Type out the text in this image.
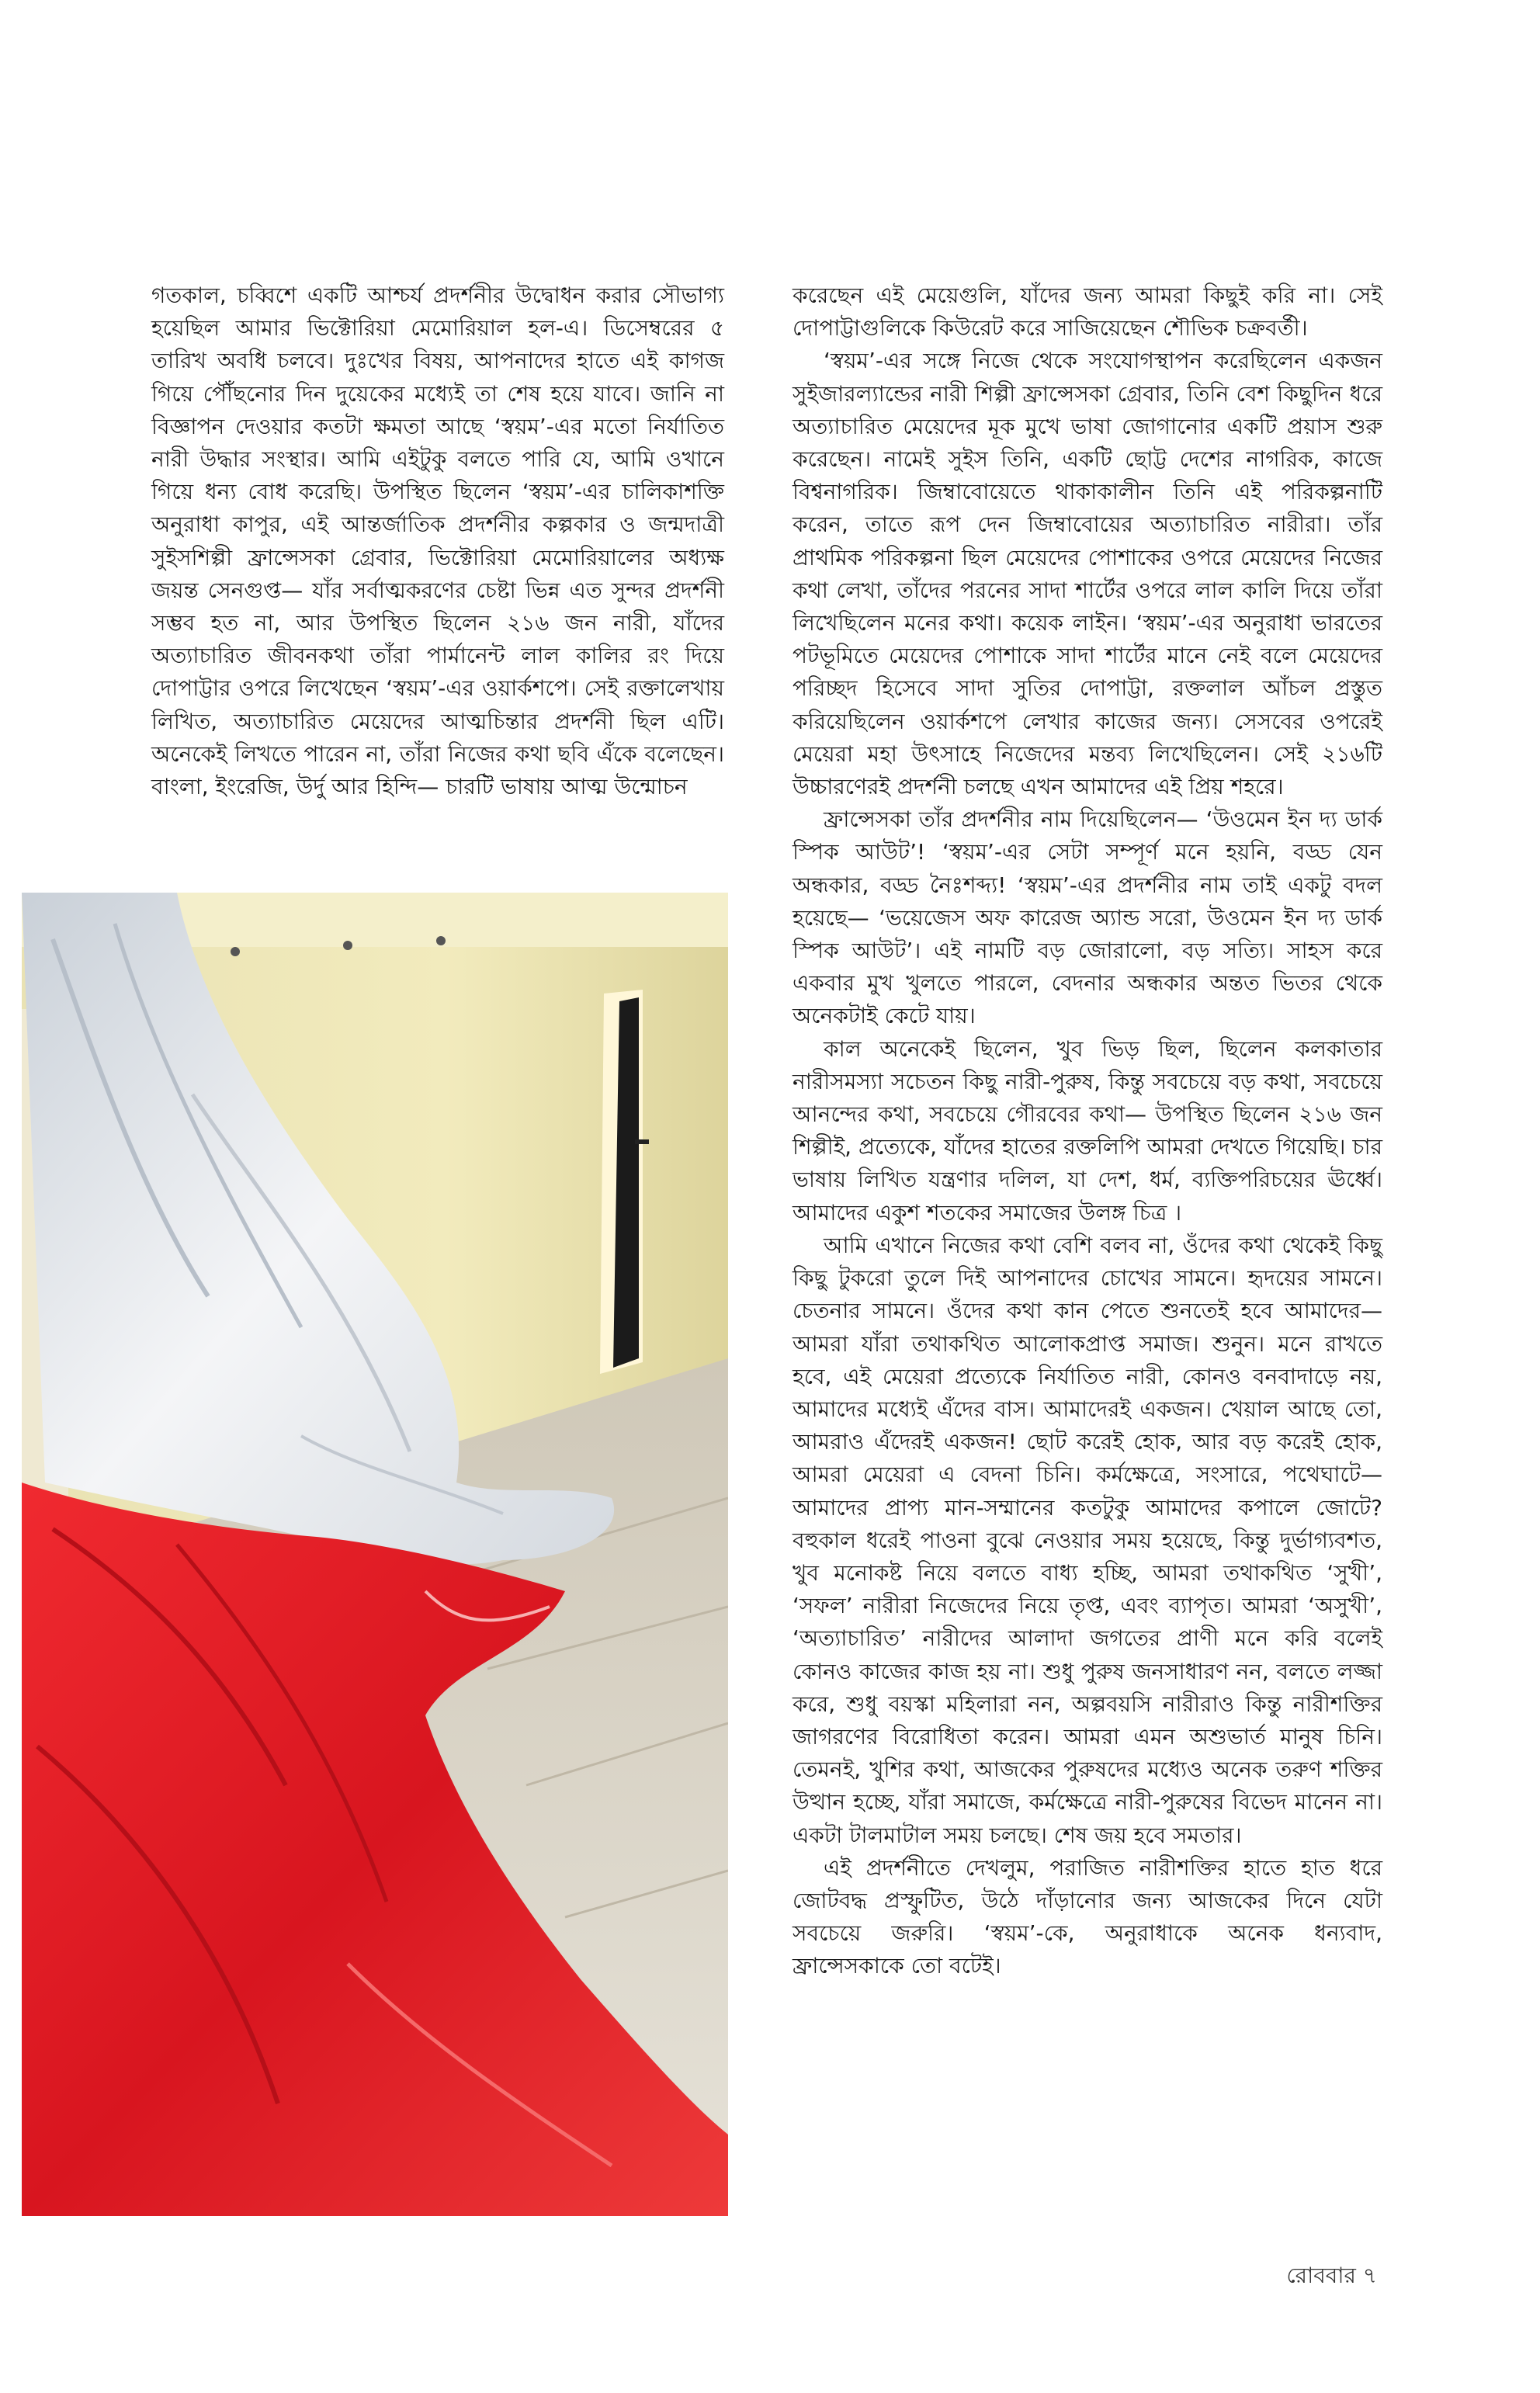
গতকাল, চব্বিশে একটি আশ্চর্য প্রদর্শনীর উদ্বোধন করার সৌভাগ্য হয়েছিল আমার ভিক্টোরিয়া মেমোরিয়াল হল-এ। ডিসেম্বরের ৫ তারিখ অবধি চলবে। দুঃখের বিষয়, আপনাদের হাতে এই কাগজ গিয়ে পৌঁছনোর দিন দুয়েকের মধ্যেই তা শেষ হয়ে যাবে। জানি না বিজ্ঞাপন দেওয়ার কতটা ক্ষমতা আছে ‘স্বয়ম’-এর মতো নির্যাতিত নারী উদ্ধার সংস্থার। আমি এইটুকু বলতে পারি যে, আমি ওখানে গিয়ে ধন্য বোধ করেছি। উপস্থিত ছিলেন ‘স্বয়ম’-এর চালিকাশক্তি অনুরাধা কাপুর, এই আন্তর্জাতিক প্রদর্শনীর কল্পকার ও জন্মদাত্রী সুইসশিল্পী ফ্রান্সেসকা গ্রেবার, ভিক্টোরিয়া মেমোরিয়ালের অধ্যক্ষ জয়ন্ত সেনগুপ্ত— যাঁর সর্বাত্মকরণের চেষ্টা ভিন্ন এত সুন্দর প্রদর্শনী সম্ভব হত না, আর উপস্থিত ছিলেন ২১৬ জন নারী, যাঁদের অত্যাচারিত জীবনকথা তাঁরা পার্মানেন্ট লাল কালির রং দিয়ে দোপাট্টার ওপরে লিখেছেন ‘স্বয়ম’-এর ওয়ার্কশপে। সেই রক্তালেখায় লিখিত, অত্যাচারিত মেয়েদের আত্মচিন্তার প্রদর্শনী ছিল এটি। অনেকেই লিখতে পারেন না, তাঁরা নিজের কথা ছবি এঁকে বলেছেন। বাংলা, ইংরেজি, উর্দু আর হিন্দি— চারটি ভাষায় আত্ম উন্মোচন

করেছেন এই মেয়েগুলি, যাঁদের জন্য আমরা কিছুই করি না। সেই দোপাট্টাগুলিকে কিউরেট করে সাজিয়েছেন শৌভিক চক্রবর্তী।

‘স্বয়ম’-এর সঙ্গে নিজে থেকে সংযোগস্থাপন করেছিলেন একজন সুইজারল্যান্ডের নারী শিল্পী ফ্রান্সেসকা গ্রেবার, তিনি বেশ কিছুদিন ধরে অত্যাচারিত মেয়েদের মূক মুখে ভাষা জোগানোর একটি প্রয়াস শুরু করেছেন। নামেই সুইস তিনি, একটি ছোট্ট দেশের নাগরিক, কাজে বিশ্বনাগরিক। জিম্বাবোয়েতে থাকাকালীন তিনি এই পরিকল্পনাটি করেন, তাতে রূপ দেন জিম্বাবোয়ের অত্যাচারিত নারীরা। তাঁর প্রাথমিক পরিকল্পনা ছিল মেয়েদের পোশাকের ওপরে মেয়েদের নিজের কথা লেখা, তাঁদের পরনের সাদা শার্টের ওপরে লাল কালি দিয়ে তাঁরা লিখেছিলেন মনের কথা। কয়েক লাইন। ‘স্বয়ম’-এর অনুরাধা ভারতের পটভূমিতে মেয়েদের পোশাকে সাদা শার্টের মানে নেই বলে মেয়েদের পরিচ্ছদ হিসেবে সাদা সুতির দোপাট্টা, রক্তলাল আঁচল প্রস্তুত করিয়েছিলেন ওয়ার্কশপে লেখার কাজের জন্য। সেসবের ওপরেই মেয়েরা মহা উৎসাহে নিজেদের মন্তব্য লিখেছিলেন। সেই ২১৬টি উচ্চারণেরই প্রদর্শনী চলছে এখন আমাদের এই প্রিয় শহরে।

ফ্রান্সেসকা তাঁর প্রদর্শনীর নাম দিয়েছিলেন— ‘উওমেন ইন দ্য ডার্ক স্পিক আউট’! ‘স্বয়ম’-এর সেটা সম্পূর্ণ মনে হয়নি, বড্ড যেন অন্ধকার, বড্ড নৈঃশব্দ্য! ‘স্বয়ম’-এর প্রদর্শনীর নাম তাই একটু বদল হয়েছে— ‘ভয়েজেস অফ কারেজ অ্যান্ড সরো, উওমেন ইন দ্য ডার্ক স্পিক আউট’। এই নামটি বড় জোরালো, বড় সত্যি। সাহস করে একবার মুখ খুলতে পারলে, বেদনার অন্ধকার অন্তত ভিতর থেকে অনেকটাই কেটে যায়।

কাল অনেকেই ছিলেন, খুব ভিড় ছিল, ছিলেন কলকাতার নারীসমস্যা সচেতন কিছু নারী-পুরুষ, কিন্তু সবচেয়ে বড় কথা, সবচেয়ে আনন্দের কথা, সবচেয়ে গৌরবের কথা— উপস্থিত ছিলেন ২১৬ জন শিল্পীই, প্রত্যেকে, যাঁদের হাতের রক্তলিপি আমরা দেখতে গিয়েছি। চার ভাষায় লিখিত যন্ত্রণার দলিল, যা দেশ, ধর্ম, ব্যক্তিপরিচয়ের ঊর্ধ্বে। আমাদের একুশ শতকের সমাজের উলঙ্গ চিত্র ।

আমি এখানে নিজের কথা বেশি বলব না, ওঁদের কথা থেকেই কিছু কিছু টুকরো তুলে দিই আপনাদের চোখের সামনে। হৃদয়ের সামনে। চেতনার সামনে। ওঁদের কথা কান পেতে শুনতেই হবে আমাদের— আমরা যাঁরা তথাকথিত আলোকপ্রাপ্ত সমাজ। শুনুন। মনে রাখতে হবে, এই মেয়েরা প্রত্যেকে নির্যাতিত নারী, কোনও বনবাদাড়ে নয়, আমাদের মধ্যেই এঁদের বাস। আমাদেরই একজন। খেয়াল আছে তো, আমরাও এঁদেরই একজন! ছোট করেই হোক, আর বড় করেই হোক, আমরা মেয়েরা এ বেদনা চিনি। কর্মক্ষেত্রে, সংসারে, পথেঘাটে— আমাদের প্রাপ্য মান-সম্মানের কতটুকু আমাদের কপালে জোটে? বহুকাল ধরেই পাওনা বুঝে নেওয়ার সময় হয়েছে, কিন্তু দুর্ভাগ্যবশত, খুব মনোকষ্ট নিয়ে বলতে বাধ্য হচ্ছি, আমরা তথাকথিত ‘সুখী’, ‘সফল’ নারীরা নিজেদের নিয়ে তৃপ্ত, এবং ব্যাপৃত। আমরা ‘অসুখী’, ‘অত্যাচারিত’ নারীদের আলাদা জগতের প্রাণী মনে করি বলেই কোনও কাজের কাজ হয় না। শুধু পুরুষ জনসাধারণ নন, বলতে লজ্জা করে, শুধু বয়স্কা মহিলারা নন, অল্পবয়সি নারীরাও কিন্তু নারীশক্তির জাগরণের বিরোধিতা করেন। আমরা এমন অশুভার্ত মানুষ চিনি। তেমনই, খুশির কথা, আজকের পুরুষদের মধ্যেও অনেক তরুণ শক্তির উত্থান হচ্ছে, যাঁরা সমাজে, কর্মক্ষেত্রে নারী-পুরুষের বিভেদ মানেন না। একটা টালমাটাল সময় চলছে। শেষ জয় হবে সমতার।

এই প্রদর্শনীতে দেখলুম, পরাজিত নারীশক্তির হাতে হাত ধরে জোটবদ্ধ প্রস্ফুটিত, উঠে দাঁড়ানোর জন্য আজকের দিনে যেটা সবচেয়ে জরুরি। ‘স্বয়ম’-কে, অনুরাধাকে অনেক ধন্যবাদ, ফ্রান্সেসকাকে তো বটেই।

রোববার ৭
